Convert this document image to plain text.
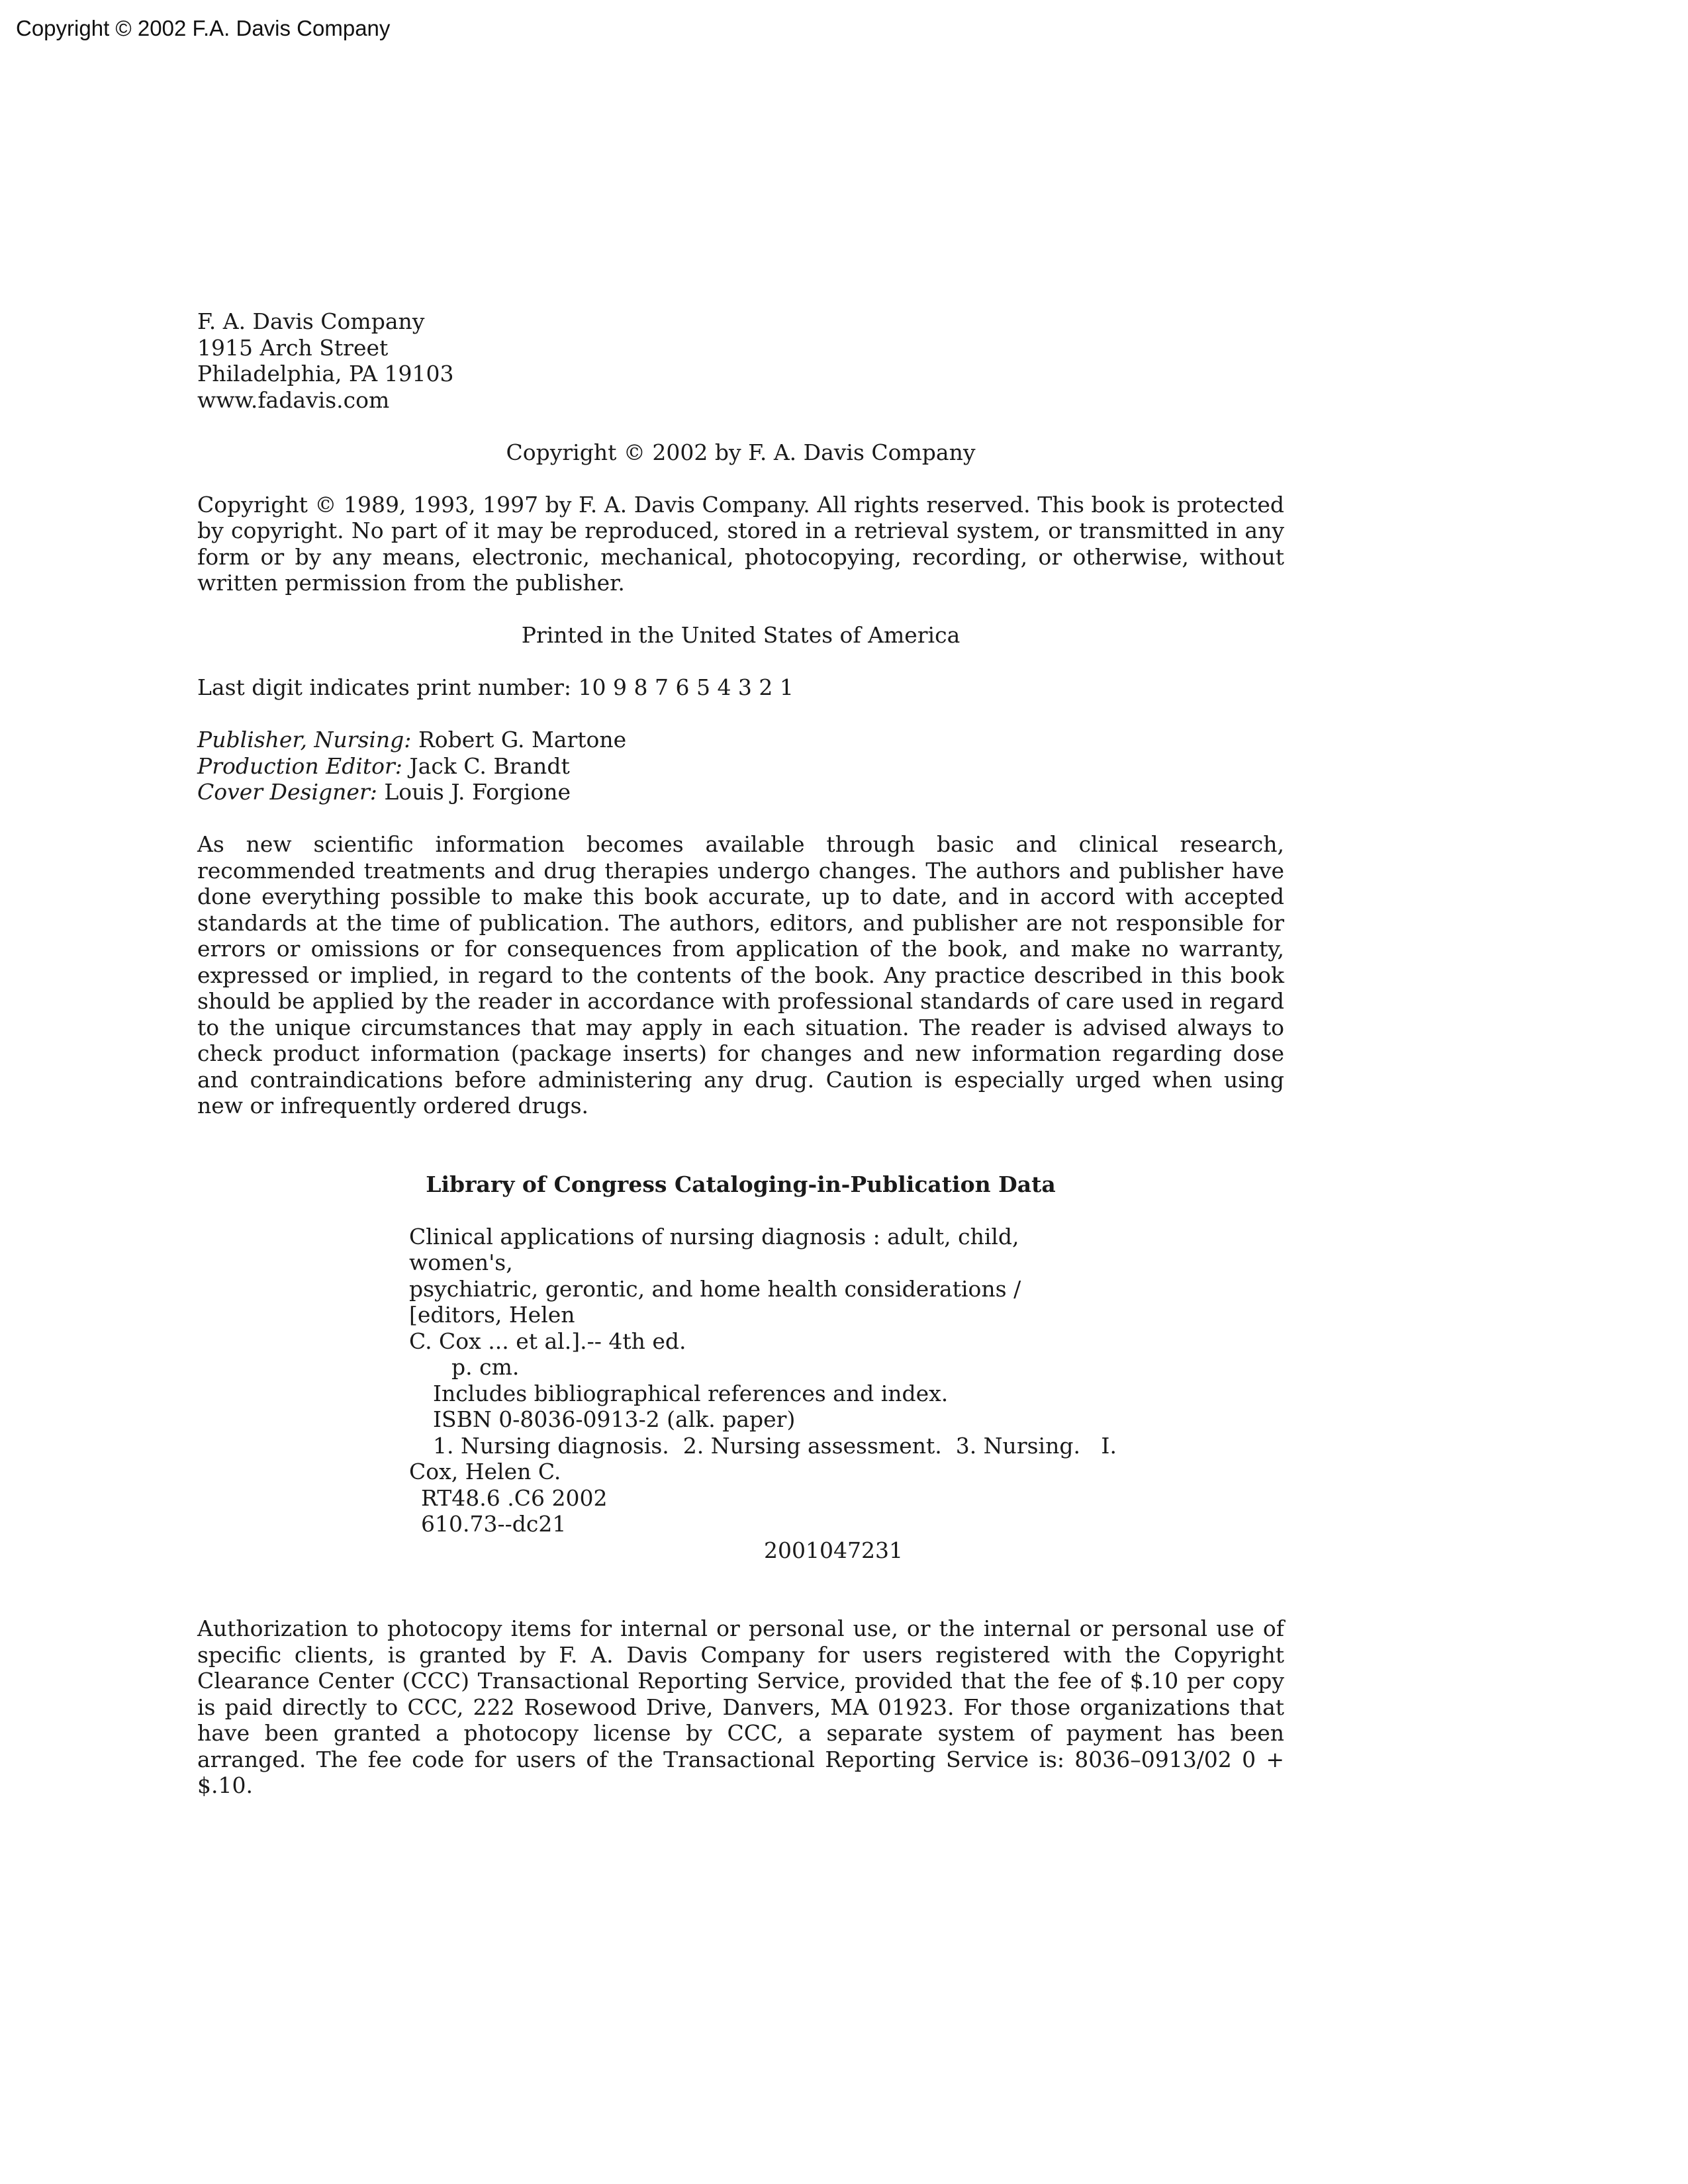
Copyright © 2002 F.A. Davis Company
F. A. Davis Company
1915 Arch Street
Philadelphia, PA 19103
www.fadavis.com

Copyright © 2002 by F. A. Davis Company

Copyright © 1989, 1993, 1997 by F. A. Davis Company. All rights reserved. This book is protected by copyright. No part of it may be reproduced, stored in a retrieval system, or transmitted in any form or by any means, electronic, mechanical, photocopying, recording, or otherwise, without written permission from the publisher.

Printed in the United States of America

Last digit indicates print number: 10 9 8 7 6 5 4 3 2 1

Publisher, Nursing: Robert G. Martone
Production Editor: Jack C. Brandt
Cover Designer: Louis J. Forgione

As new scientific information becomes available through basic and clinical research, recommended treatments and drug therapies undergo changes. The authors and publisher have done everything possible to make this book accurate, up to date, and in accord with accepted standards at the time of publication. The authors, editors, and publisher are not responsible for errors or omissions or for consequences from application of the book, and make no warranty, expressed or implied, in regard to the contents of the book. Any practice described in this book should be applied by the reader in accordance with professional standards of care used in regard to the unique circumstances that may apply in each situation. The reader is advised always to check product information (package inserts) for changes and new information regarding dose and contraindications before administering any drug. Caution is especially urged when using new or infrequently ordered drugs.

Library of Congress Cataloging-in-Publication Data

Clinical applications of nursing diagnosis : adult, child, women's,
psychiatric, gerontic, and home health considerations / [editors, Helen
C. Cox ... et al.].-- 4th ed.
p. cm.
Includes bibliographical references and index.
ISBN 0-8036-0913-2 (alk. paper)
1. Nursing diagnosis.  2. Nursing assessment.  3. Nursing.   I.
Cox, Helen C.
RT48.6 .C6 2002
610.73--dc21
2001047231

Authorization to photocopy items for internal or personal use, or the internal or personal use of specific clients, is granted by F. A. Davis Company for users registered with the Copyright Clearance Center (CCC) Transactional Reporting Service, provided that the fee of $.10 per copy is paid directly to CCC, 222 Rosewood Drive, Danvers, MA 01923. For those organizations that have been granted a photocopy license by CCC, a separate system of payment has been arranged. The fee code for users of the Transactional Reporting Service is: 8036–0913/02 0 + $.10.
